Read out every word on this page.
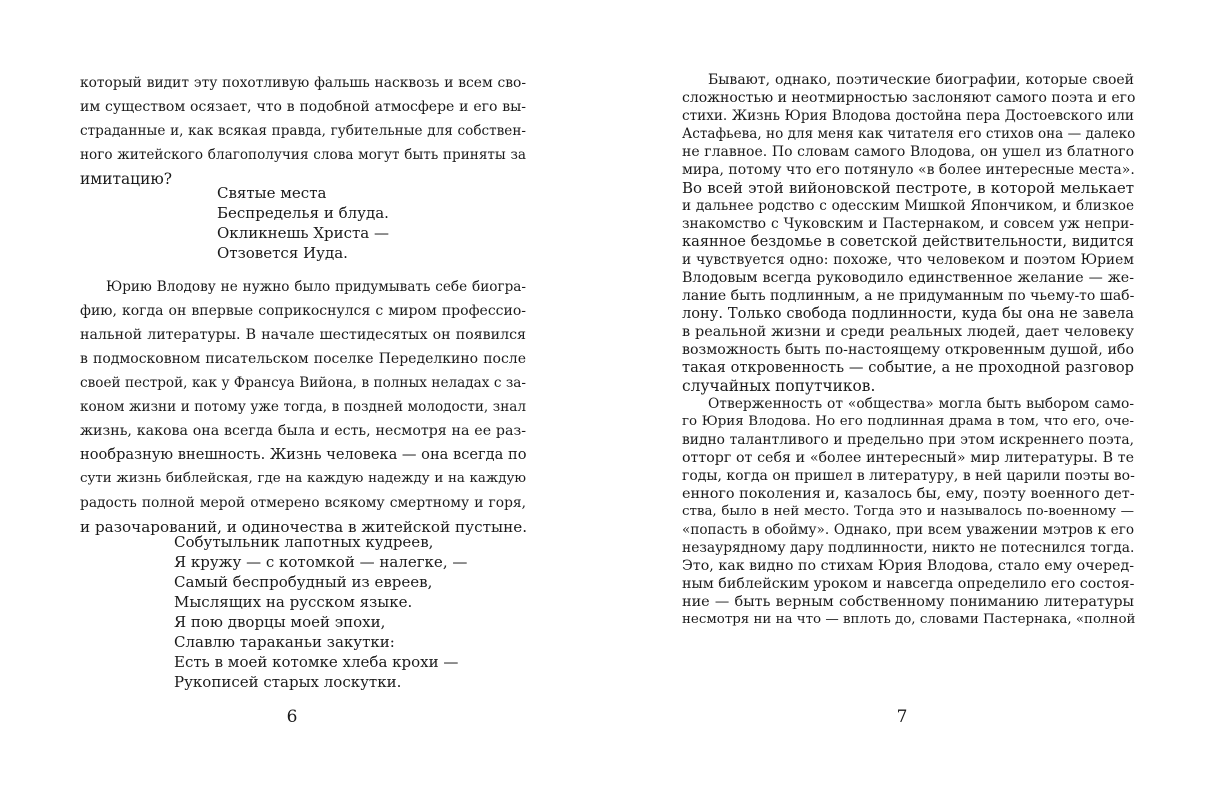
который видит эту похотливую фальшь насквозь и всем сво-
им существом осязает, что в подобной атмосфере и его вы-
страданные и, как всякая правда, губительные для собствен-
ного житейского благополучия слова могут быть приняты за
имитацию?
Святые места
Беспределья и блуда.
Окликнешь Христа —
Отзовется Иуда.
Юрию Влодову не нужно было придумывать себе биогра-
фию, когда он впервые соприкоснулся с миром профессио-
нальной литературы. В начале шестидесятых он появился
в подмосковном писательском поселке Переделкино после
своей пестрой, как у Франсуа Вийона, в полных неладах с за-
коном жизни и потому уже тогда, в поздней молодости, знал
жизнь, какова она всегда была и есть, несмотря на ее раз-
нообразную внешность. Жизнь человека — она всегда по
сути жизнь библейская, где на каждую надежду и на каждую
радость полной мерой отмерено всякому смертному и горя,
и разочарований, и одиночества в житейской пустыне.
Собутыльник лапотных кудреев,
Я кружу — с котомкой — налегке, —
Самый беспробудный из евреев,
Мыслящих на русском языке.
Я пою дворцы моей эпохи,
Славлю тараканьи закутки:
Есть в моей котомке хлеба крохи —
Рукописей старых лоскутки.
6
Бывают, однако, поэтические биографии, которые своей
сложностью и неотмирностью заслоняют самого поэта и его
стихи. Жизнь Юрия Влодова достойна пера Достоевского или
Астафьева, но для меня как читателя его стихов она — далеко
не главное. По словам самого Влодова, он ушел из блатного
мира, потому что его потянуло «в более интересные места».
Во всей этой вийоновской пестроте, в которой мелькает
и дальнее родство с одесским Мишкой Япончиком, и близкое
знакомство с Чуковским и Пастернаком, и совсем уж непри-
каянное бездомье в советской действительности, видится
и чувствуется одно: похоже, что человеком и поэтом Юрием
Влодовым всегда руководило единственное желание — же-
лание быть подлинным, а не придуманным по чьему-то шаб-
лону. Только свобода подлинности, куда бы она не завела
в реальной жизни и среди реальных людей, дает человеку
возможность быть по-настоящему откровенным душой, ибо
такая откровенность — событие, а не проходной разговор
случайных попутчиков.
Отверженность от «общества» могла быть выбором само-
го Юрия Влодова. Но его подлинная драма в том, что его, оче-
видно талантливого и предельно при этом искреннего поэта,
отторг от себя и «более интересный» мир литературы. В те
годы, когда он пришел в литературу, в ней царили поэты во-
енного поколения и, казалось бы, ему, поэту военного дет-
ства, было в ней место. Тогда это и называлось по-военному —
«попасть в обойму». Однако, при всем уважении мэтров к его
незаурядному дару подлинности, никто не потеснился тогда.
Это, как видно по стихам Юрия Влодова, стало ему очеред-
ным библейским уроком и навсегда определило его состоя-
ние — быть верным собственному пониманию литературы
несмотря ни на что — вплоть до, словами Пастернака, «полной
7
